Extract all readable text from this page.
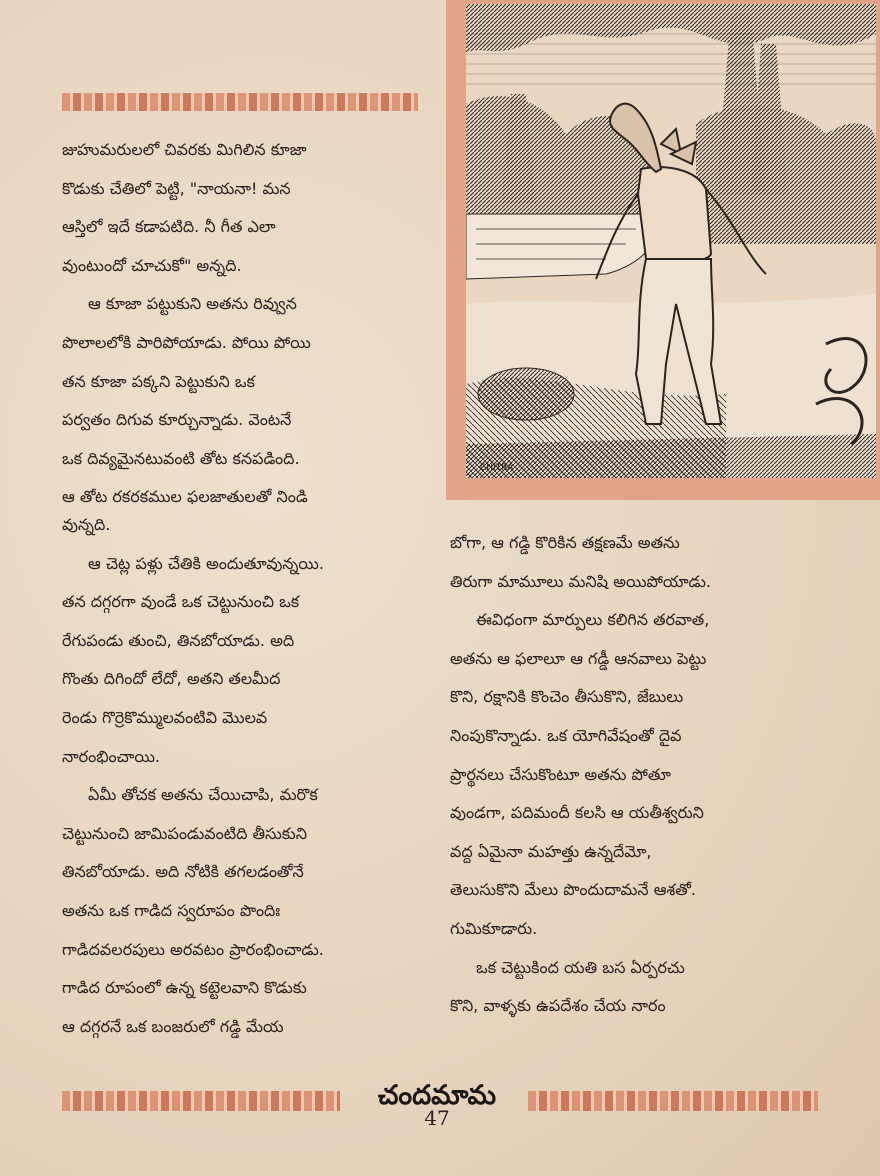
CHITRA

జుహుమరులలో చివరకు మిగిలిన కూజా

కొడుకు చేతిలో పెట్టి, "నాయనా! మన

ఆస్తిలో ఇదే కడాపటిది. నీ గీత ఎలా

వుంటుందో చూచుకో" అన్నది.

ఆ కూజా పట్టుకుని అతను రివ్వున

పొలాలలోకి పారిపోయాడు. పోయి పోయి

తన కూజా పక్కని పెట్టుకుని ఒక

పర్వతం దిగువ కూర్చున్నాడు. వెంటనే

ఒక దివ్యమైనటువంటి తోట కనపడింది.

ఆ తోట రకరకముల ఫలజాతులతో నిండి

వున్నది.

ఆ చెట్ల పళ్లు చేతికి అందుతూవున్నయి.

తన దగ్గరగా వుండే ఒక చెట్టునుంచి ఒక

రేగుపండు తుంచి, తినబోయాడు. అది

గొంతు దిగిందో లేదో, అతని తలమీద

రెండు గొర్రెకొమ్ములవంటివి మొలవ

నారంభించాయి.

ఏమీ తోచక అతను చేయిచాపి, మరొక

చెట్టునుంచి జామిపండువంటిది తీసుకుని

తినబోయాడు. అది నోటికి తగలడంతోనే

అతను ఒక గాడిద స్వరూపం పొందిః

గాడిదవలరపులు అరవటం ప్రారంభించాడు.

గాడిద రూపంలో ఉన్న కట్టెలవాని కొడుకు

ఆ దగ్గరనే ఒక బంజరులో గడ్డి మేయ

బోగా, ఆ గడ్డి కొరికిన తక్షణమే అతను

తిరుగా మామూలు మనిషి అయిపోయాడు.

ఈవిధంగా మార్పులు కలిగిన తరవాత,

అతను ఆ ఫలాలూ ఆ గడ్డీ ఆనవాలు పెట్టు

కొని, రక్షానికి కొంచెం తీసుకొని, జేబులు

నింపుకొన్నాడు. ఒక యోగివేషంతో దైవ

ప్రార్థనలు చేసుకొంటూ అతను పోతూ

వుండగా, పదిమందీ కలసి ఆ యతీశ్వరుని

వద్ద ఏమైనా మహత్తు ఉన్నదేమో,

తెలుసుకొని మేలు పొందుదామనే ఆశతో.

గుమికూడారు.

ఒక చెట్టుకింద యతి బస ఏర్పరచు

కొని, వాళ్ళకు ఉపదేశం చేయ నారం

చందమామ
47
